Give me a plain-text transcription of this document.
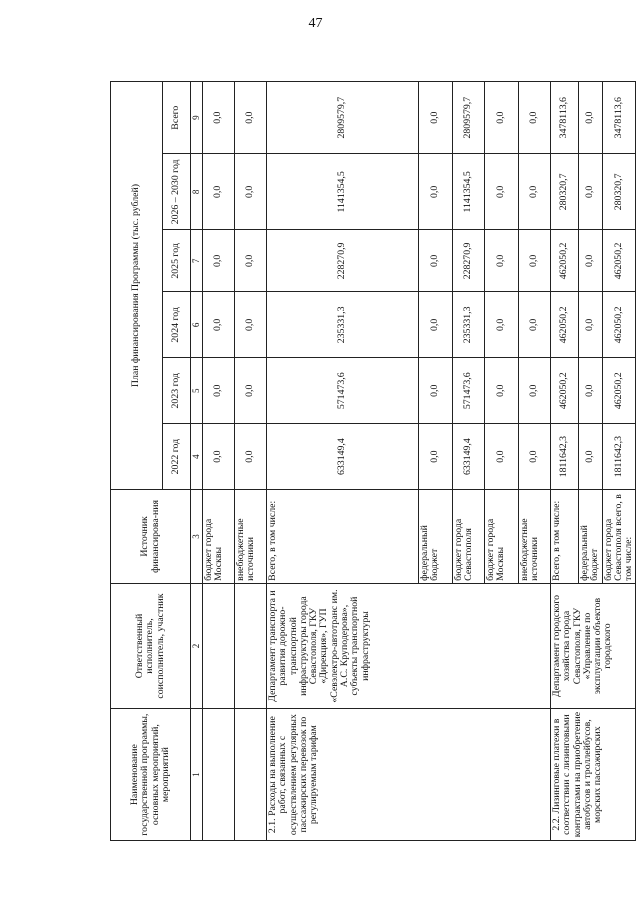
47
Наименование государственной программы, основных мероприятий, мероприятий	Ответственный исполнитель, соисполнитель, участник	Источник финансирова-ния	План финансирования Программы (тыс. рублей)					
			2022 год	2023 год	2024 год	2025 год	2026 – 2030 год	Всего
1	2	3	4	5	6	7	8	9
		бюджет города Москвы	0,0	0,0	0,0	0,0	0,0	0,0
		внебюджетные источники	0,0	0,0	0,0	0,0	0,0	0,0
2.1. Расходы на выполнение работ, связанных с осуществлением регулярных пассажирских перевозок по регулируемым тарифам	Департамент транспорта и развития дорожно-транспортной инфраструктуры города Севастополя, ГКУ «Дирекция», ГУП «Севэлектро-автотранс им. А.С. Круподерова», субъекты транспортной инфраструктуры	Всего, в том числе:	633149,4	571473,6	235331,3	228270,9	1141354,5	2809579,7
		федеральный бюджет	0,0	0,0	0,0	0,0	0,0	0,0
		бюджет города Севастополя	633149,4	571473,6	235331,3	228270,9	1141354,5	2809579,7
		бюджет города Москвы	0,0	0,0	0,0	0,0	0,0	0,0
		внебюджетные источники	0,0	0,0	0,0	0,0	0,0	0,0
2.2. Лизинговые платежи в соответствии с лизинговыми контрактами на приобретение автобусов и троллейбусов, морских пассажирских	Департамент городского хозяйства города Севастополя, ГКУ «Управление по эксплуатации объектов городского	Всего, в том числе:	1811642,3	462050,2	462050,2	462050,2	280320,7	3478113,6
		федеральный бюджет	0,0	0,0	0,0	0,0	0,0	0,0
		бюджет города Севастополя всего, в том числе:	1811642,3	462050,2	462050,2	462050,2	280320,7	3478113,6
